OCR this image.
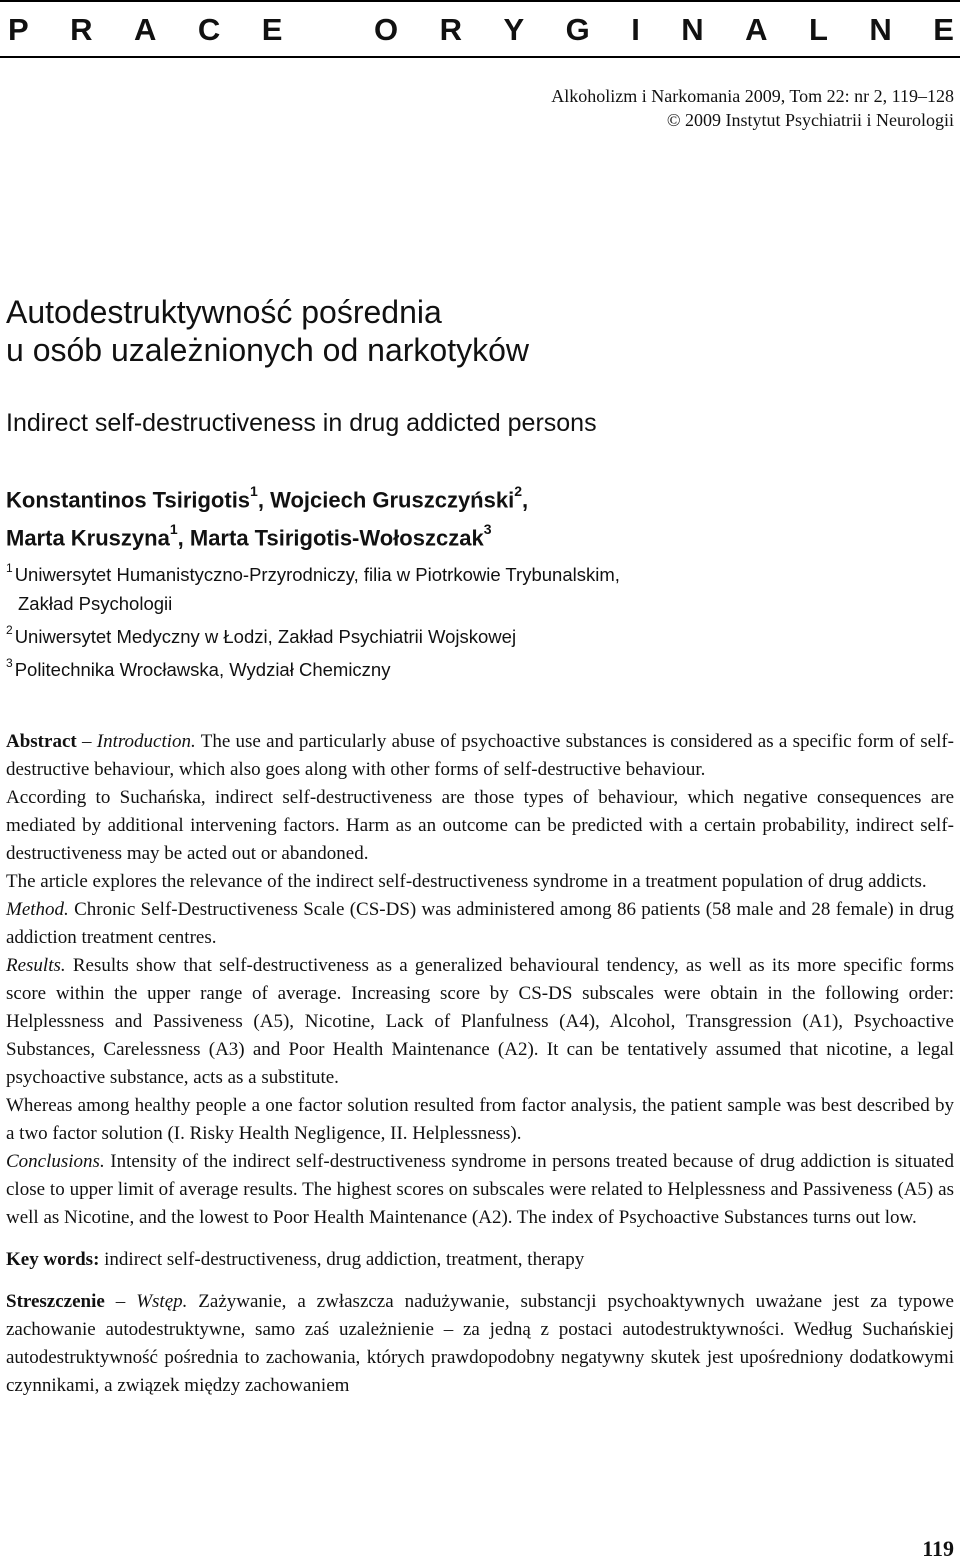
P R A C E
	O R Y G I N A L N E
Alkoholizm i Narkomania 2009, Tom 22: nr 2, 119–128
© 2009 Instytut Psychiatrii i Neurologii
Autodestruktywność pośrednia
u osób uzależnionych od narkotyków
Indirect self-destructiveness in drug addicted persons
Konstantinos Tsirigotis$^1$, Wojciech Gruszczyński$^2$,
Marta Kruszyna$^1$, Marta Tsirigotis-Wołoszczak$^3$
$^1$ Uniwersytet Humanistyczno-Przyrodniczy, filia w Piotrkowie Trybunalskim,
Zakład Psychologii
$^2$ Uniwersytet Medyczny w Łodzi, Zakład Psychiatrii Wojskowej
$^3$ Politechnika Wrocławska, Wydział Chemiczny

Abstract – Introduction. The use and particularly abuse of psychoactive substances is considered as a specific form of self-destructive behaviour, which also goes along with other forms of self-destructive behaviour.

According to Suchańska, indirect self-destructiveness are those types of behaviour, which negative consequences are mediated by additional intervening factors. Harm as an outcome can be predicted with a certain probability, indirect self-destructiveness may be acted out or abandoned.

The article explores the relevance of the indirect self-destructiveness syndrome in a treatment population of drug addicts.

Method. Chronic Self-Destructiveness Scale (CS-DS) was administered among 86 patients (58 male and 28 female) in drug addiction treatment centres.

Results. Results show that self-destructiveness as a generalized behavioural tendency, as well as its more specific forms score within the upper range of average. Increasing score by CS-DS subscales were obtain in the following order: Helplessness and Passiveness (A5), Nicotine, Lack of Planfulness (A4), Alcohol, Transgression (A1), Psychoactive Substances, Carelessness (A3) and Poor Health Maintenance (A2). It can be tentatively assumed that nicotine, a legal psychoactive substance, acts as a substitute.

Whereas among healthy people a one factor solution resulted from factor analysis, the patient sample was best described by a two factor solution (I. Risky Health Negligence, II. Helplessness).

Conclusions. Intensity of the indirect self-destructiveness syndrome in persons treated because of drug addiction is situated close to upper limit of average results. The highest scores on subscales were related to Helplessness and Passiveness (A5) as well as Nicotine, and the lowest to Poor Health Maintenance (A2). The index of Psychoactive Substances turns out low.

Key words: indirect self-destructiveness, drug addiction, treatment, therapy

Streszczenie – Wstęp. Zażywanie, a zwłaszcza nadużywanie, substancji psychoaktywnych uważane jest za typowe zachowanie autodestruktywne, samo zaś uzależnienie – za jedną z postaci autodestruktywności. Według Suchańskiej autodestruktywność pośrednia to zachowania, których prawdopodobny negatywny skutek jest upośredniony dodatkowymi czynnikami, a związek między zachowaniem

119
